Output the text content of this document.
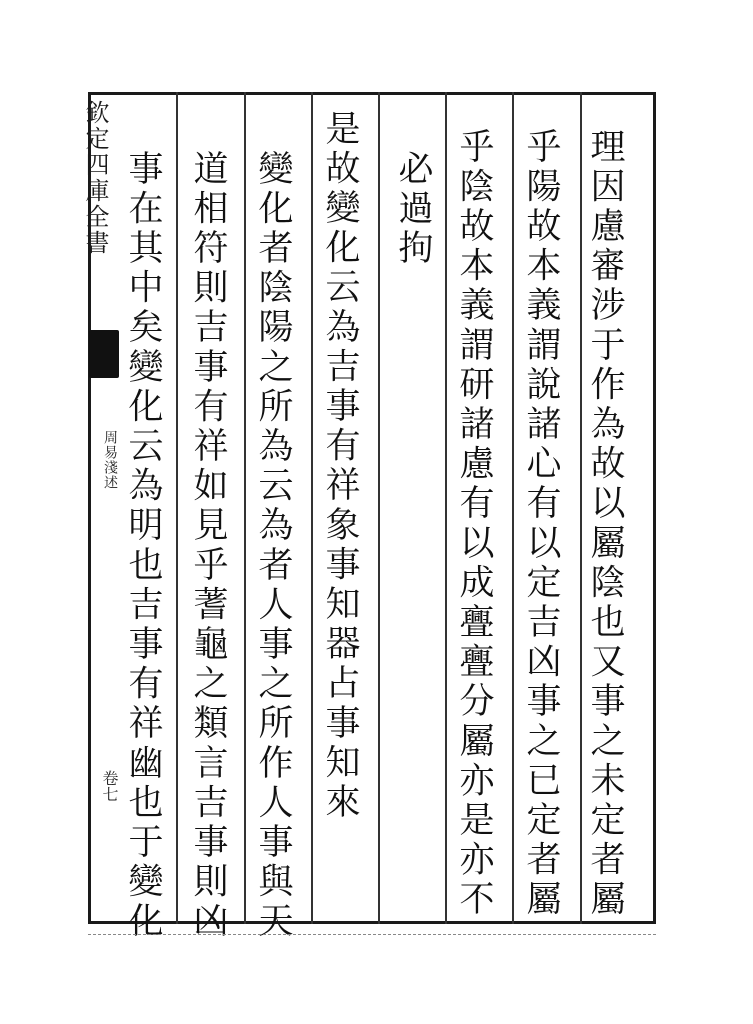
欽定四庫全書
周易淺述
卷七	理因慮審涉于作為故以屬陰也又事之未定者屬
乎陽故本義謂說諸心有以定吉凶事之已定者屬
乎陰故本義謂研諸慮有以成亹亹分屬亦是亦不
必過拘
是故變化云為吉事有祥象事知器占事知來
變化者陰陽之所為云為者人事之所作人事與天
道相符則吉事有祥如見乎蓍龜之類言吉事則凶
事在其中矣變化云為明也吉事有祥幽也于變化
